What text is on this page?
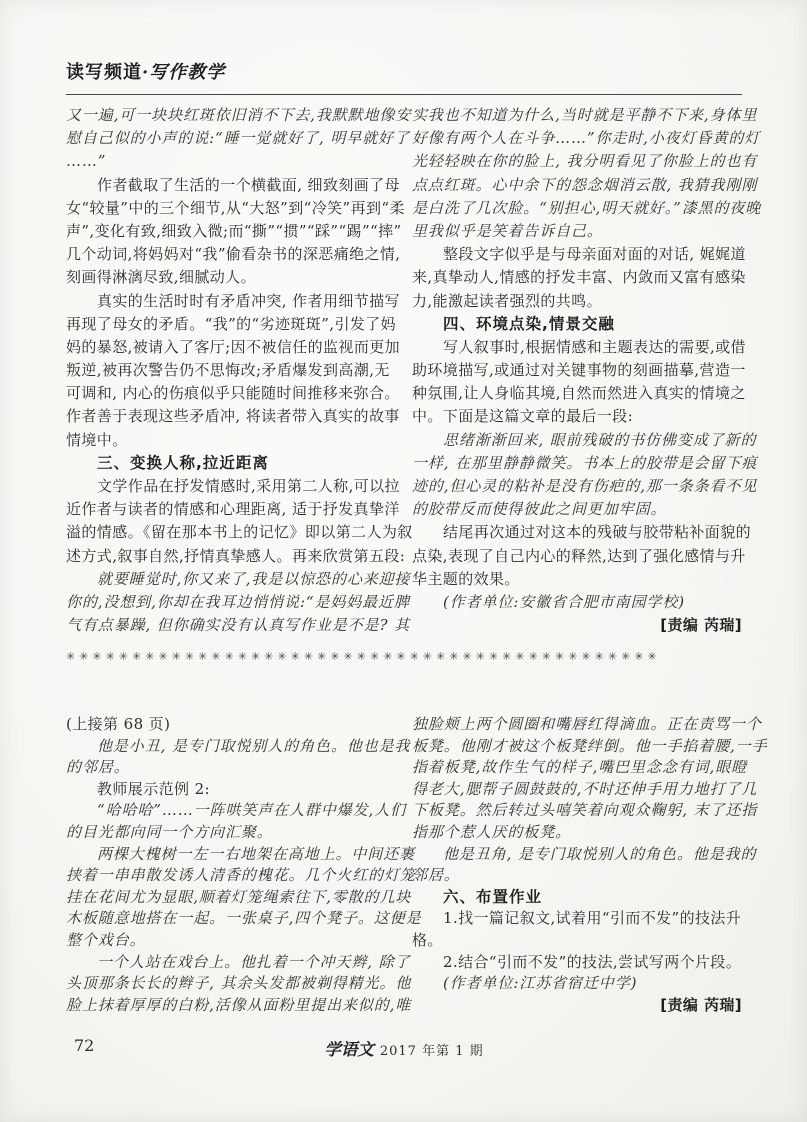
读写频道·写作教学
又一遍,可一块块红斑依旧消不下去,我默默地像安
慰自己似的小声的说:“睡一觉就好了, 明早就好了
……”
作者截取了生活的一个横截面, 细致刻画了母
女“较量”中的三个细节,从“大怒”到“冷笑”再到“柔
声”,变化有致,细致入微;而“撕”“掼”“踩”“踢”“摔”
几个动词,将妈妈对“我”偷看杂书的深恶痛绝之情,
刻画得淋漓尽致,细腻动人。
真实的生活时时有矛盾冲突, 作者用细节描写
再现了母女的矛盾。“我”的“劣迹斑斑”,引发了妈
妈的暴怒,被请入了客厅;因不被信任的监视而更加
叛逆,被再次警告仍不思悔改;矛盾爆发到高潮,无
可调和, 内心的伤痕似乎只能随时间推移来弥合。
作者善于表现这些矛盾冲, 将读者带入真实的故事
情境中。
三、变换人称,拉近距离
文学作品在抒发情感时,采用第二人称,可以拉
近作者与读者的情感和心理距离, 适于抒发真挚洋
溢的情感。《留在那本书上的记忆》即以第二人为叙
述方式,叙事自然,抒情真挚感人。再来欣赏第五段:
就要睡觉时,你又来了,我是以惊恐的心来迎接
你的,没想到,你却在我耳边悄悄说:“是妈妈最近脾
气有点暴躁, 但你确实没有认真写作业是不是? 其
实我也不知道为什么,当时就是平静不下来,身体里
好像有两个人在斗争……”你走时,小夜灯昏黄的灯
光轻轻映在你的脸上, 我分明看见了你脸上的也有
点点红斑。心中余下的怨念烟消云散, 我猜我刚刚
是白洗了几次脸。“别担心,明天就好。”漆黑的夜晚
里我似乎是笑着告诉自己。
整段文字似乎是与母亲面对面的对话, 娓娓道
来,真挚动人,情感的抒发丰富、内敛而又富有感染
力,能激起读者强烈的共鸣。
四、环境点染,情景交融
写人叙事时,根据情感和主题表达的需要,或借
助环境描写,或通过对关键事物的刻画描摹,营造一
种氛围,让人身临其境,自然而然进入真实的情境之
中。下面是这篇文章的最后一段:
思绪渐渐回来, 眼前残破的书仿佛变成了新的
一样, 在那里静静微笑。书本上的胶带是会留下痕
迹的,但心灵的粘补是没有伤疤的,那一条条看不见
的胶带反而使得彼此之间更加牢固。
结尾再次通过对这本的残破与胶带粘补面貌的
点染,表现了自己内心的释然,达到了强化感情与升
华主题的效果。
(作者单位:安徽省合肥市南园学校)
[责编 芮瑞]
✳✳✳✳✳✳✳✳✳✳✳✳✳✳✳✳✳✳✳✳✳✳✳✳✳✳✳✳✳✳✳✳✳✳✳✳✳✳✳✳✳✳✳✳✳
(上接第 68 页)
他是小丑, 是专门取悦别人的角色。他也是我
的邻居。
教师展示范例 2:
“哈哈哈”……一阵哄笑声在人群中爆发,人们
的目光都向同一个方向汇聚。
两棵大槐树一左一右地架在高地上。中间还裹
挟着一串串散发诱人清香的槐花。几个火红的灯笼
挂在花间尤为显眼,顺着灯笼绳索往下,零散的几块
木板随意地搭在一起。一张桌子,四个凳子。这便是
整个戏台。
一个人站在戏台上。他扎着一个冲天辫, 除了
头顶那条长长的辫子, 其余头发都被剃得精光。他
脸上抹着厚厚的白粉,活像从面粉里提出来似的,唯
独脸颊上两个圆圈和嘴唇红得滴血。正在责骂一个
板凳。他刚才被这个板凳绊倒。他一手掐着腰,一手
指着板凳,故作生气的样子,嘴巴里念念有词,眼瞪
得老大,腮帮子圆鼓鼓的,不时还伸手用力地打了几
下板凳。然后转过头嘻笑着向观众鞠躬, 末了还指
指那个惹人厌的板凳。
他是丑角, 是专门取悦别人的角色。他是我的
邻居。
六、布置作业
1.找一篇记叙文,试着用“引而不发”的技法升
格。
2.结合“引而不发”的技法,尝试写两个片段。
(作者单位:江苏省宿迁中学)
[责编 芮瑞]
72	学语文 2017 年第 1 期
